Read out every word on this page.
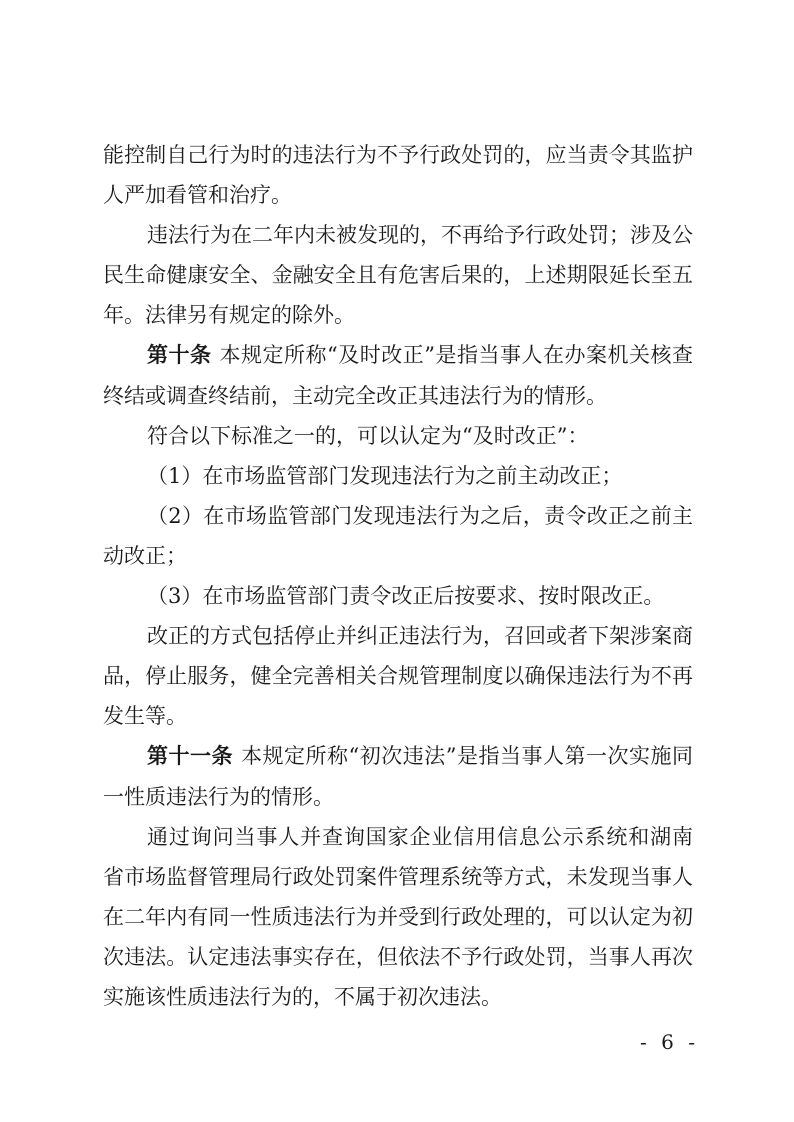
能控制自己行为时的违法行为不予行政处罚的，应当责令其监护
人严加看管和治疗。
违法行为在二年内未被发现的，不再给予行政处罚；涉及公
民生命健康安全、金融安全且有危害后果的，上述期限延长至五
年。法律另有规定的除外。
第十条 本规定所称“及时改正”是指当事人在办案机关核查
终结或调查终结前，主动完全改正其违法行为的情形。
符合以下标准之一的，可以认定为“及时改正”：
（1）在市场监管部门发现违法行为之前主动改正；
（2）在市场监管部门发现违法行为之后，责令改正之前主
动改正；
（3）在市场监管部门责令改正后按要求、按时限改正。
改正的方式包括停止并纠正违法行为，召回或者下架涉案商
品，停止服务，健全完善相关合规管理制度以确保违法行为不再
发生等。
第十一条 本规定所称“初次违法”是指当事人第一次实施同
一性质违法行为的情形。
通过询问当事人并查询国家企业信用信息公示系统和湖南
省市场监督管理局行政处罚案件管理系统等方式，未发现当事人
在二年内有同一性质违法行为并受到行政处理的，可以认定为初
次违法。认定违法事实存在，但依法不予行政处罚，当事人再次
实施该性质违法行为的，不属于初次违法。
- 6 -
